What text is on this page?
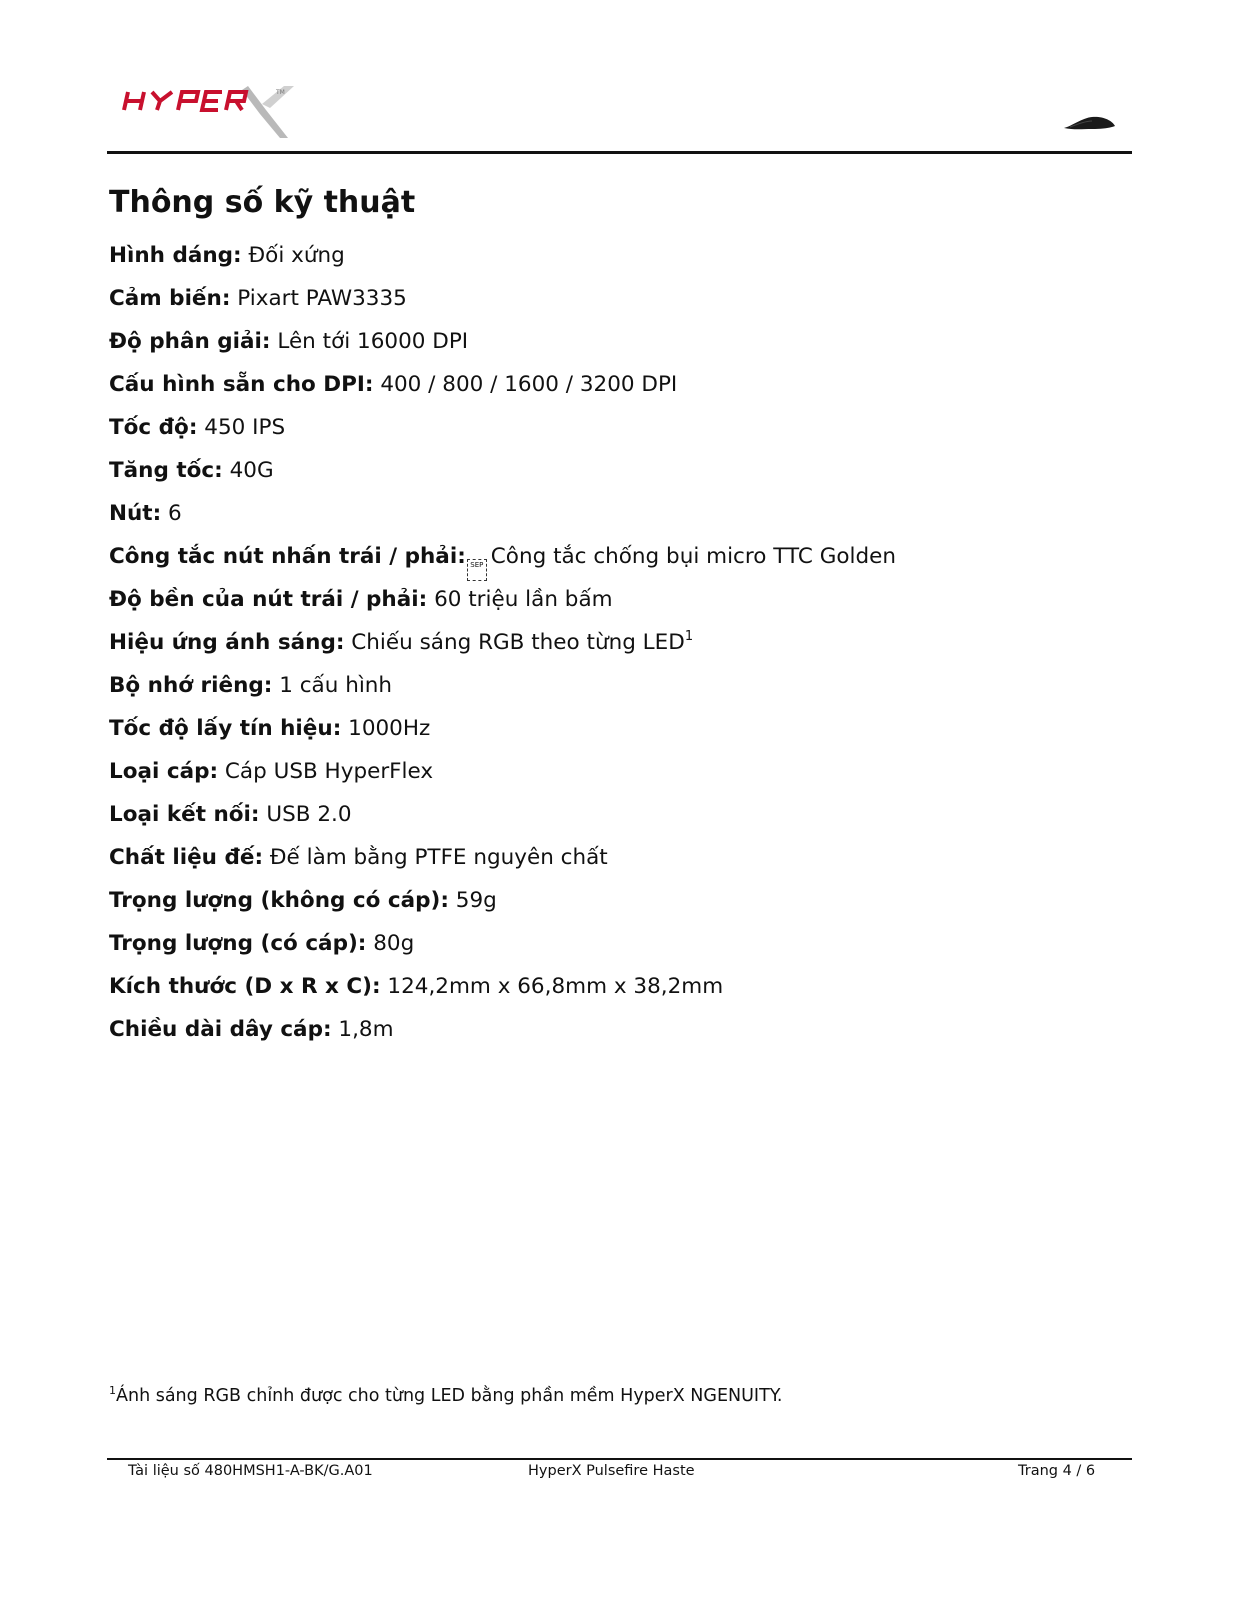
TM
Thông số kỹ thuật
Hình dáng: Đối xứng
Cảm biến: Pixart PAW3335
Độ phân giải: Lên tới 16000 DPI
Cấu hình sẵn cho DPI: 400 / 800 / 1600 / 3200 DPI
Tốc độ: 450 IPS
Tăng tốc: 40G
Nút: 6
Công tắc nút nhấn trái / phải: SEP Công tắc chống bụi micro TTC Golden
Độ bền của nút trái / phải: 60 triệu lần bấm
Hiệu ứng ánh sáng: Chiếu sáng RGB theo từng LED$^1$
Bộ nhớ riêng: 1 cấu hình
Tốc độ lấy tín hiệu: 1000Hz
Loại cáp: Cáp USB HyperFlex
Loại kết nối: USB 2.0
Chất liệu đế: Đế làm bằng PTFE nguyên chất
Trọng lượng (không có cáp): 59g
Trọng lượng (có cáp): 80g
Kích thước (D x R x C): 124,2mm x 66,8mm x 38,2mm
Chiều dài dây cáp: 1,8m
$^1$Ánh sáng RGB chỉnh được cho từng LED bằng phần mềm HyperX NGENUITY.
Tài liệu số 480HMSH1-A-BK/G.A01	HyperX Pulsefire Haste	Trang 4 / 6
